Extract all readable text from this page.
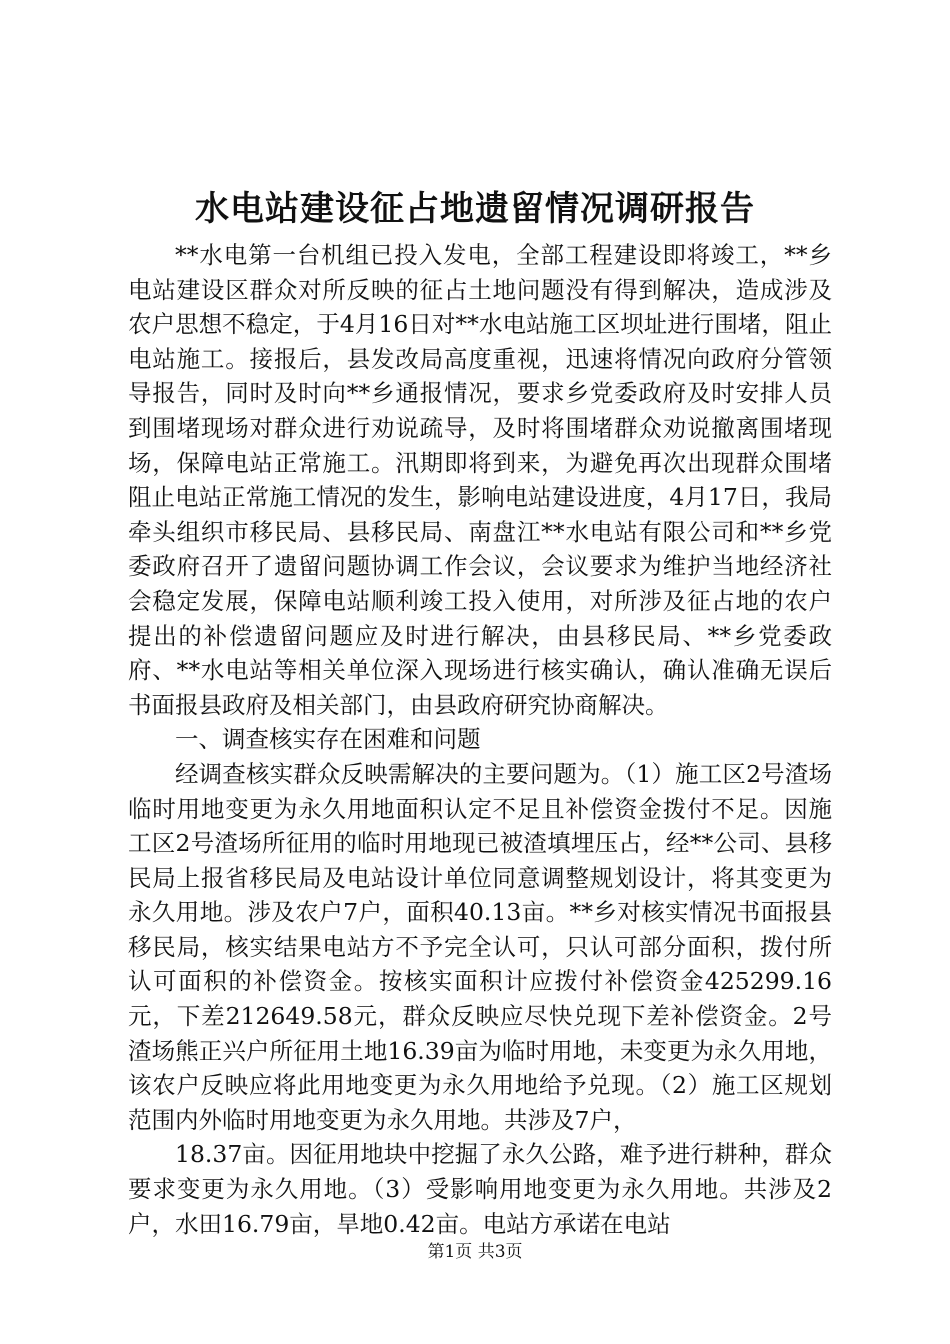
水电站建设征占地遗留情况调研报告

**水电第一台机组已投入发电，全部工程建设即将竣工，**乡电站建设区群众对所反映的征占土地问题没有得到解决，造成涉及农户思想不稳定，于4月16日对**水电站施工区坝址进行围堵，阻止电站施工。接报后，县发改局高度重视，迅速将情况向政府分管领导报告，同时及时向**乡通报情况，要求乡党委政府及时安排人员到围堵现场对群众进行劝说疏导，及时将围堵群众劝说撤离围堵现场，保障电站正常施工。汛期即将到来，为避免再次出现群众围堵阻止电站正常施工情况的发生，影响电站建设进度，4月17日，我局牵头组织市移民局、县移民局、南盘江**水电站有限公司和**乡党委政府召开了遗留问题协调工作会议，会议要求为维护当地经济社会稳定发展，保障电站顺利竣工投入使用，对所涉及征占地的农户提出的补偿遗留问题应及时进行解决，由县移民局、**乡党委政府、**水电站等相关单位深入现场进行核实确认，确认准确无误后书面报县政府及相关部门，由县政府研究协商解决。

一、调查核实存在困难和问题

经调查核实群众反映需解决的主要问题为。（1）施工区2号渣场临时用地变更为永久用地面积认定不足且补偿资金拨付不足。因施工区2号渣场所征用的临时用地现已被渣填埋压占，经**公司、县移民局上报省移民局及电站设计单位同意调整规划设计，将其变更为永久用地。涉及农户7户，面积40.13亩。**乡对核实情况书面报县移民局，核实结果电站方不予完全认可，只认可部分面积，拨付所认可面积的补偿资金。按核实面积计应拨付补偿资金425299.16元，下差212649.58元，群众反映应尽快兑现下差补偿资金。2号渣场熊正兴户所征用土地16.39亩为临时用地，未变更为永久用地，该农户反映应将此用地变更为永久用地给予兑现。（2）施工区规划范围内外临时用地变更为永久用地。共涉及7户，

18.37亩。因征用地块中挖掘了永久公路，难予进行耕种，群众要求变更为永久用地。（3）受影响用地变更为永久用地。共涉及2户，水田16.79亩，旱地0.42亩。电站方承诺在电站

第1页 共3页
